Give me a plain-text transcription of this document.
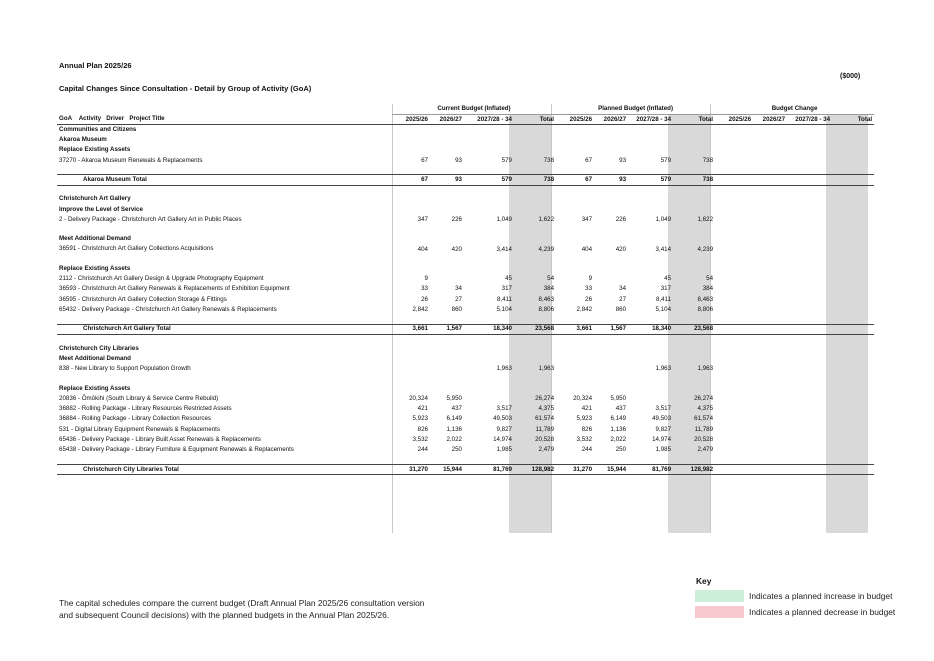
Annual Plan 2025/26
($000)
Capital Changes Since Consultation - Detail by Group of Activity (GoA)
	Current Budget (Inflated)				Planned Budget (Inflated)				Budget Change			
GoA Activity Driver Project Title	2025/26	2026/27	2027/28 - 34	Total	2025/26	2026/27	2027/28 - 34	Total	2025/26	2026/27	2027/28 - 34	Total
Communities and Citizens												
Akaroa Museum												
Replace Existing Assets												
37270 - Akaroa Museum Renewals & Replacements	67	93	579	738	67	93	579	738				

Akaroa Museum Total	67	93	579	738	67	93	579	738				

Christchurch Art Gallery												
Improve the Level of Service												
2 - Delivery Package - Christchurch Art Gallery Art in Public Places	347	226	1,049	1,622	347	226	1,049	1,622				

Meet Additional Demand												
36591 - Christchurch Art Gallery Collections Acquisitions	404	420	3,414	4,239	404	420	3,414	4,239				

Replace Existing Assets												
2112 - Christchurch Art Gallery Design & Upgrade Photography Equipment	9		45	54	9		45	54				
36593 - Christchurch Art Gallery Renewals & Replacements of Exhibition Equipment	33	34	317	384	33	34	317	384				
36595 - Christchurch Art Gallery Collection Storage & Fittings	26	27	8,411	8,463	26	27	8,411	8,463				
65432 - Delivery Package - Christchurch Art Gallery Renewals & Replacements	2,842	860	5,104	8,806	2,842	860	5,104	8,806				

Christchurch Art Gallery Total	3,661	1,567	18,340	23,568	3,661	1,567	18,340	23,568				

Christchurch City Libraries												
Meet Additional Demand												
838 - New Library to Support Population Growth			1,963	1,963			1,963	1,963				

Replace Existing Assets												
20836 - Ōmōkihi (South Library & Service Centre Rebuild)	20,324	5,950		26,274	20,324	5,950		26,274				
36882 - Rolling Package - Library Resources Restricted Assets	421	437	3,517	4,375	421	437	3,517	4,375				
36884 - Rolling Package - Library Collection Resources	5,923	6,149	49,503	61,574	5,923	6,149	49,503	61,574				
531 - Digital Library Equipment Renewals & Replacements	826	1,136	9,827	11,789	826	1,136	9,827	11,789				
65436 - Delivery Package - Library Built Asset Renewals & Replacements	3,532	2,022	14,974	20,528	3,532	2,022	14,974	20,528				
65438 - Delivery Package - Library Furniture & Equipment Renewals & Replacements	244	250	1,985	2,479	244	250	1,985	2,479				

Christchurch City Libraries Total	31,270	15,944	81,769	128,982	31,270	15,944	81,769	128,982				

The capital schedules compare the current budget (Draft Annual Plan 2025/26 consultation version
and subsequent Council decisions) with the planned budgets in the Annual Plan 2025/26.
Key
Indicates a planned increase in budget
Indicates a planned decrease in budget
